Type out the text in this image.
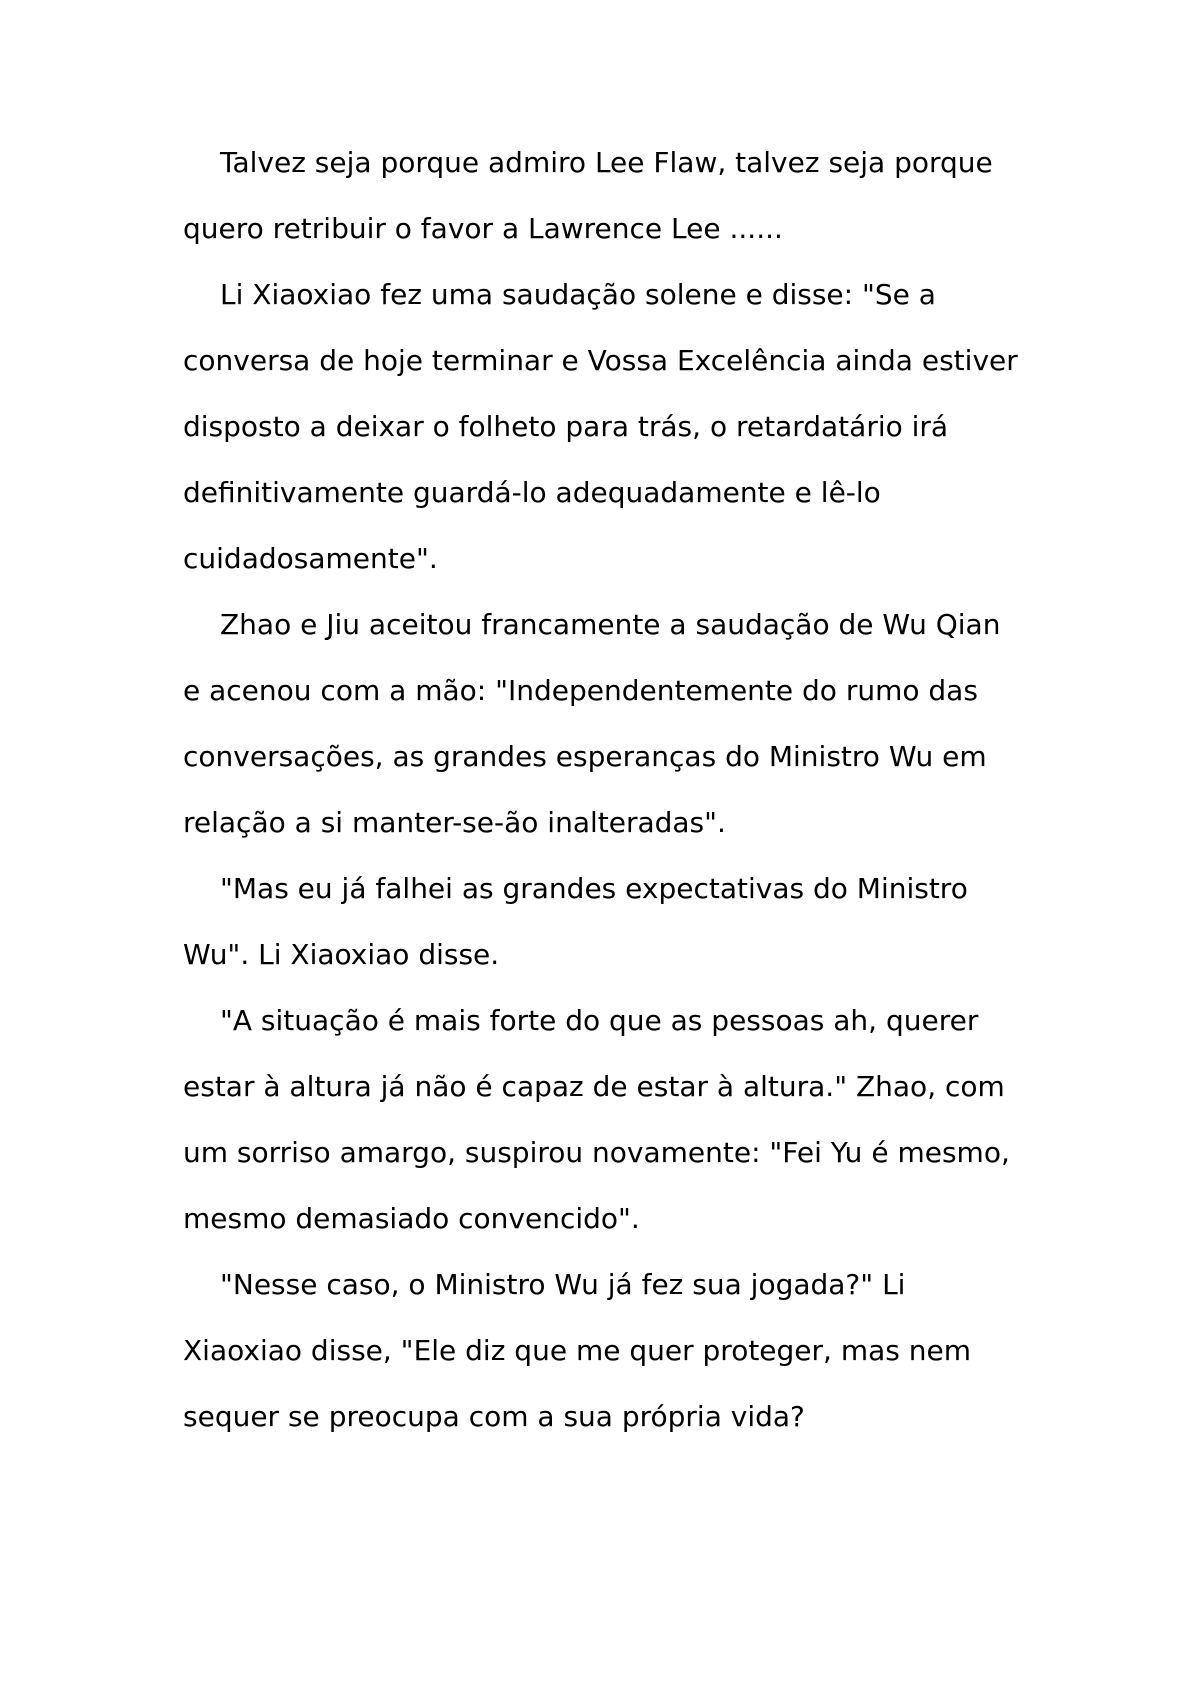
Talvez seja porque admiro Lee Flaw, talvez seja porque quero retribuir o favor a Lawrence Lee ......

Li Xiaoxiao fez uma saudação solene e disse: "Se a conversa de hoje terminar e Vossa Excelência ainda estiver disposto a deixar o folheto para trás, o retardatário irá definitivamente guardá-lo adequadamente e lê-lo cuidadosamente".

Zhao e Jiu aceitou francamente a saudação de Wu Qian e acenou com a mão: "Independentemente do rumo das conversações, as grandes esperanças do Ministro Wu em relação a si manter-se-ão inalteradas".

"Mas eu já falhei as grandes expectativas do Ministro Wu". Li Xiaoxiao disse.

"A situação é mais forte do que as pessoas ah, querer estar à altura já não é capaz de estar à altura." Zhao, com um sorriso amargo, suspirou novamente: "Fei Yu é mesmo, mesmo demasiado convencido".

"Nesse caso, o Ministro Wu já fez sua jogada?" Li Xiaoxiao disse, "Ele diz que me quer proteger, mas nem sequer se preocupa com a sua própria vida?
